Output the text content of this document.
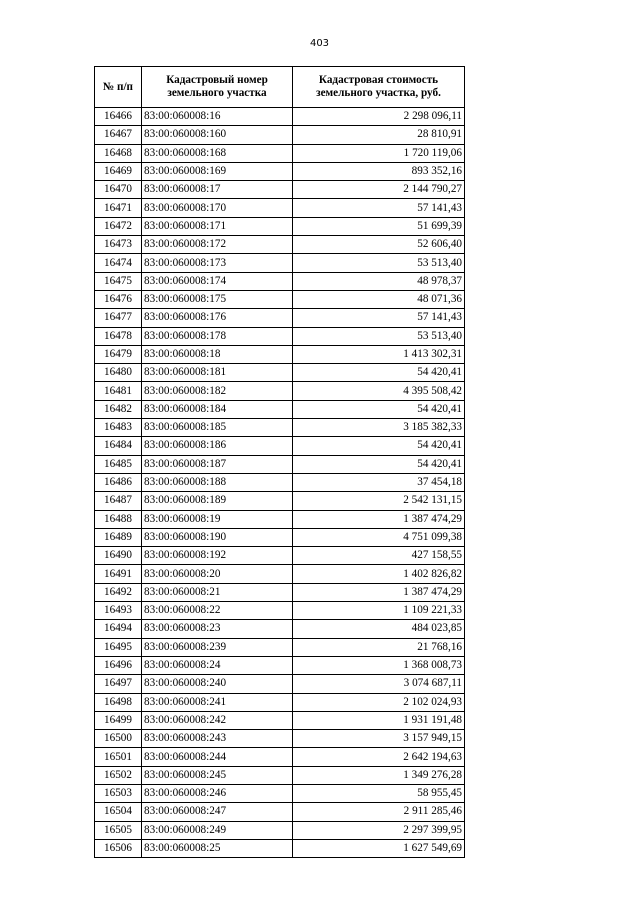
403
№ п/п	Кадастровый номер земельного участка	Кадастровая стоимость земельного участка, руб.
16466	83:00:060008:16	2 298 096,11
16467	83:00:060008:160	28 810,91
16468	83:00:060008:168	1 720 119,06
16469	83:00:060008:169	893 352,16
16470	83:00:060008:17	2 144 790,27
16471	83:00:060008:170	57 141,43
16472	83:00:060008:171	51 699,39
16473	83:00:060008:172	52 606,40
16474	83:00:060008:173	53 513,40
16475	83:00:060008:174	48 978,37
16476	83:00:060008:175	48 071,36
16477	83:00:060008:176	57 141,43
16478	83:00:060008:178	53 513,40
16479	83:00:060008:18	1 413 302,31
16480	83:00:060008:181	54 420,41
16481	83:00:060008:182	4 395 508,42
16482	83:00:060008:184	54 420,41
16483	83:00:060008:185	3 185 382,33
16484	83:00:060008:186	54 420,41
16485	83:00:060008:187	54 420,41
16486	83:00:060008:188	37 454,18
16487	83:00:060008:189	2 542 131,15
16488	83:00:060008:19	1 387 474,29
16489	83:00:060008:190	4 751 099,38
16490	83:00:060008:192	427 158,55
16491	83:00:060008:20	1 402 826,82
16492	83:00:060008:21	1 387 474,29
16493	83:00:060008:22	1 109 221,33
16494	83:00:060008:23	484 023,85
16495	83:00:060008:239	21 768,16
16496	83:00:060008:24	1 368 008,73
16497	83:00:060008:240	3 074 687,11
16498	83:00:060008:241	2 102 024,93
16499	83:00:060008:242	1 931 191,48
16500	83:00:060008:243	3 157 949,15
16501	83:00:060008:244	2 642 194,63
16502	83:00:060008:245	1 349 276,28
16503	83:00:060008:246	58 955,45
16504	83:00:060008:247	2 911 285,46
16505	83:00:060008:249	2 297 399,95
16506	83:00:060008:25	1 627 549,69
